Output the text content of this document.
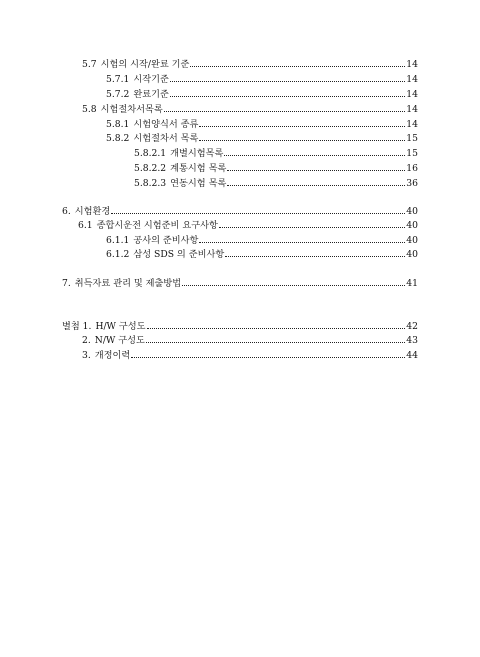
5.7 시험의 시작/완료 기준	14
5.7.1 시작기준	14
5.7.2 완료기준	14
5.8 시험절차서목록	14
5.8.1 시험양식서 종류	14
5.8.2 시험절차서 목록	15
5.8.2.1 개별시험목록	15
5.8.2.2 계통시험 목록	16
5.8.2.3 연동시험 목록	36
6. 시험환경	40
6.1 종합시운전 시험준비 요구사항	40
6.1.1 공사의 준비사항	40
6.1.2 삼성 SDS 의 준비사항	40
7. 취득자료 관리 및 제출방법	41
별첨 1. H/W 구성도	42
2. N/W 구성도	43
3. 개정이력	44
